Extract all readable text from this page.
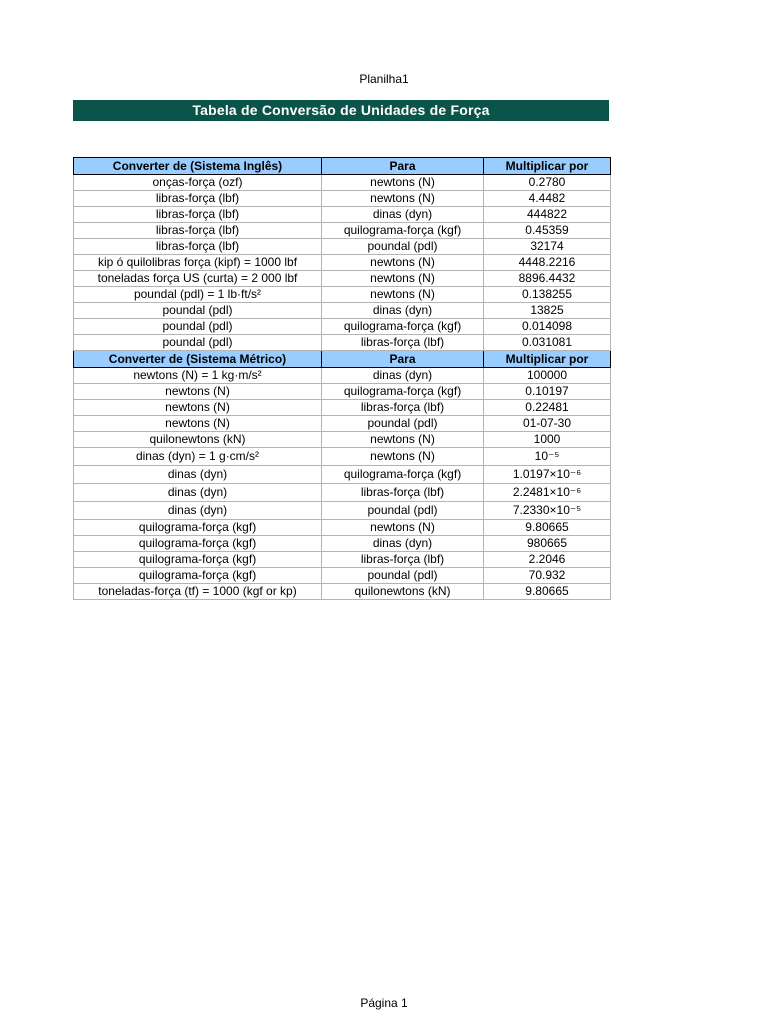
Planilha1
Tabela de Conversão de Unidades de Força
Converter de (Sistema Inglês)	Para	Multiplicar por
onças-força (ozf)	newtons (N)	0.2780
libras-força (lbf)	newtons (N)	4.4482
libras-força (lbf)	dinas (dyn)	444822
libras-força (lbf)	quilograma-força (kgf)	0.45359
libras-força (lbf)	poundal (pdl)	32174
kip ó quilolibras força (kipf) = 1000 lbf	newtons (N)	4448.2216
toneladas força US (curta) = 2 000 lbf	newtons (N)	8896.4432
poundal (pdl) = 1 lb·ft/s²	newtons (N)	0.138255
poundal (pdl)	dinas (dyn)	13825
poundal (pdl)	quilograma-força (kgf)	0.014098
poundal (pdl)	libras-força (lbf)	0.031081
Converter de (Sistema Métrico)	Para	Multiplicar por
newtons (N) = 1 kg·m/s²	dinas (dyn)	100000
newtons (N)	quilograma-força (kgf)	0.10197
newtons (N)	libras-força (lbf)	0.22481
newtons (N)	poundal (pdl)	01-07-30
quilonewtons (kN)	newtons (N)	1000
dinas (dyn) = 1 g·cm/s²	newtons (N)	10⁻⁵
dinas (dyn)	quilograma-força (kgf)	1.0197×10⁻⁶
dinas (dyn)	libras-força (lbf)	2.2481×10⁻⁶
dinas (dyn)	poundal (pdl)	7.2330×10⁻⁵
quilograma-força (kgf)	newtons (N)	9.80665
quilograma-força (kgf)	dinas (dyn)	980665
quilograma-força (kgf)	libras-força (lbf)	2.2046
quilograma-força (kgf)	poundal (pdl)	70.932
toneladas-força (tf) = 1000 (kgf or kp)	quilonewtons (kN)	9.80665
Página 1
